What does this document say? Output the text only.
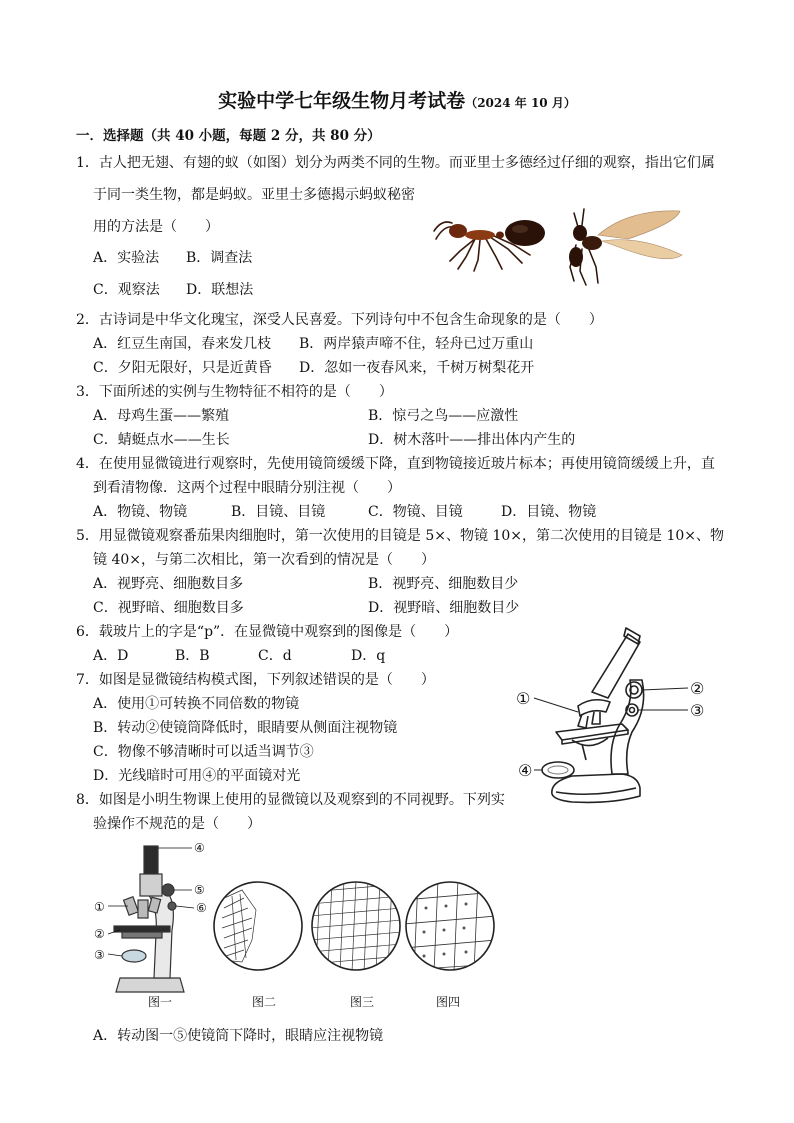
实验中学七年级生物月考试卷（2024 年 10 月）
一．选择题（共 40 小题，每题 2 分，共 80 分）
1．古人把无翅、有翅的蚁（如图）划分为两类不同的生物。而亚里士多德经过仔细的观察，指出它们属
于同一类生物，都是蚂蚁。亚里士多德揭示蚂蚁秘密
用的方法是（　　）
A．实验法 B．调查法
C．观察法 D．联想法
2．古诗词是中华文化瑰宝，深受人民喜爱。下列诗句中不包含生命现象的是（　　）
A．红豆生南国，春来发几枝 B．两岸猿声啼不住，轻舟已过万重山
C．夕阳无限好，只是近黄昏 D．忽如一夜春风来，千树万树梨花开
3．下面所述的实例与生物特征不相符的是（　　）
A．母鸡生蛋——繁殖	B．惊弓之鸟——应激性
C．蜻蜓点水——生长	D．树木落叶——排出体内产生的
4．在使用显微镜进行观察时，先使用镜筒缓缓下降，直到物镜接近玻片标本；再使用镜筒缓缓上升，直
到看清物像．这两个过程中眼睛分别注视（　　）
A．物镜、物镜	B．目镜、目镜	C．物镜、目镜	D．目镜、物镜
5．用显微镜观察番茄果肉细胞时，第一次使用的目镜是 5×、物镜 10×，第二次使用的目镜是 10×、物
镜 40×，与第二次相比，第一次看到的情况是（　　）
A．视野亮、细胞数目多	B．视野亮、细胞数目少
C．视野暗、细胞数目多	D．视野暗、细胞数目少
6．载玻片上的字是“p”．在显微镜中观察到的图像是（　　）
A．D	B．B	C．d	D．q
7．如图是显微镜结构模式图，下列叙述错误的是（　　）
A．使用①可转换不同倍数的物镜
B．转动②使镜筒降低时，眼睛要从侧面注视物镜
C．物像不够清晰时可以适当调节③
D．光线暗时可用④的平面镜对光
①
②
③
④
8．如图是小明生物课上使用的显微镜以及观察到的不同视野。下列实
验操作不规范的是（　　）
①
②
③
④
⑤
⑥
图一	图二	图三	图四
A．转动图一⑤使镜筒下降时，眼睛应注视物镜
